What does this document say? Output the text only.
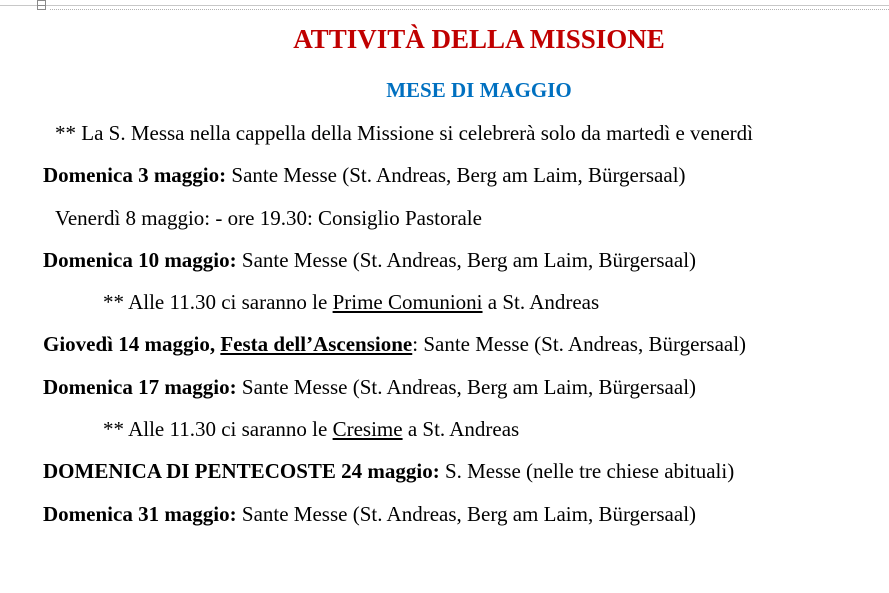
ATTIVITÀ DELLA MISSIONE
MESE DI MAGGIO
** La S. Messa nella cappella della Missione si celebrerà solo da martedì e venerdì
Domenica 3 maggio: Sante Messe (St. Andreas, Berg am Laim, Bürgersaal)
Venerdì 8 maggio: - ore 19.30: Consiglio Pastorale
Domenica 10 maggio: Sante Messe (St. Andreas, Berg am Laim, Bürgersaal)
** Alle 11.30 ci saranno le Prime Comunioni a St. Andreas
Giovedì 14 maggio, Festa dell’Ascensione: Sante Messe (St. Andreas, Bürgersaal)
Domenica 17 maggio: Sante Messe (St. Andreas, Berg am Laim, Bürgersaal)
** Alle 11.30 ci saranno le Cresime a St. Andreas
DOMENICA DI PENTECOSTE 24 maggio: S. Messe (nelle tre chiese abituali)
Domenica 31 maggio: Sante Messe (St. Andreas, Berg am Laim, Bürgersaal)
